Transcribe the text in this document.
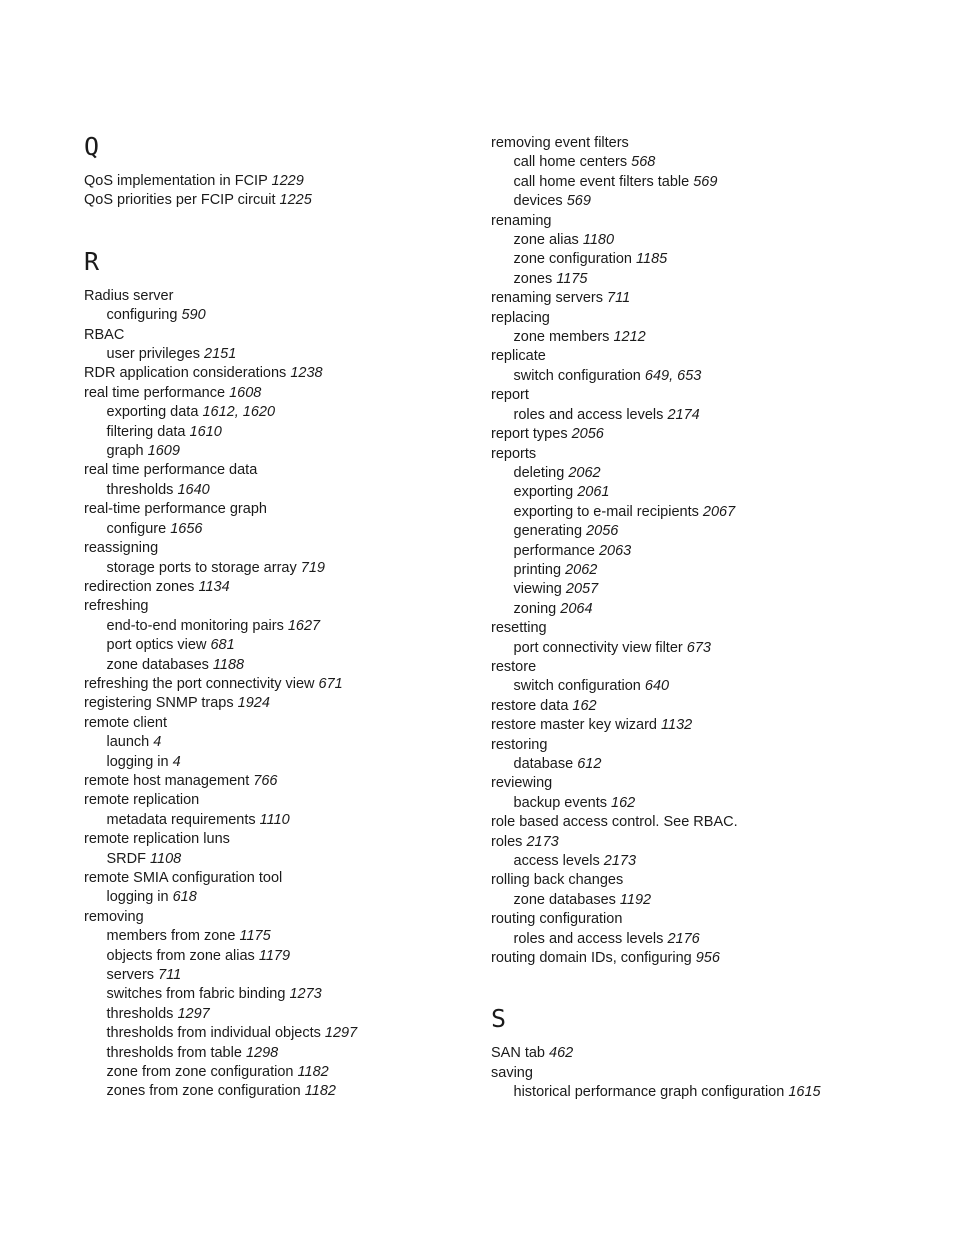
Q
QoS implementation in FCIP 1229
QoS priorities per FCIP circuit 1225
R
Radius server
configuring 590
RBAC
user privileges 2151
RDR application considerations 1238
real time performance 1608
exporting data 1612, 1620
filtering data 1610
graph 1609
real time performance data
thresholds 1640
real-time performance graph
configure 1656
reassigning
storage ports to storage array 719
redirection zones 1134
refreshing
end-to-end monitoring pairs 1627
port optics view 681
zone databases 1188
refreshing the port connectivity view 671
registering SNMP traps 1924
remote client
launch 4
logging in 4
remote host management 766
remote replication
metadata requirements 1110
remote replication luns
SRDF 1108
remote SMIA configuration tool
logging in 618
removing
members from zone 1175
objects from zone alias 1179
servers 711
switches from fabric binding 1273
thresholds 1297
thresholds from individual objects 1297
thresholds from table 1298
zone from zone configuration 1182
zones from zone configuration 1182
removing event filters
call home centers 568
call home event filters table 569
devices 569
renaming
zone alias 1180
zone configuration 1185
zones 1175
renaming servers 711
replacing
zone members 1212
replicate
switch configuration 649, 653
report
roles and access levels 2174
report types 2056
reports
deleting 2062
exporting 2061
exporting to e-mail recipients 2067
generating 2056
performance 2063
printing 2062
viewing 2057
zoning 2064
resetting
port connectivity view filter 673
restore
switch configuration 640
restore data 162
restore master key wizard 1132
restoring
database 612
reviewing
backup events 162
role based access control. See RBAC.
roles 2173
access levels 2173
rolling back changes
zone databases 1192
routing configuration
roles and access levels 2176
routing domain IDs, configuring 956
S
SAN tab 462
saving
historical performance graph configuration 1615
